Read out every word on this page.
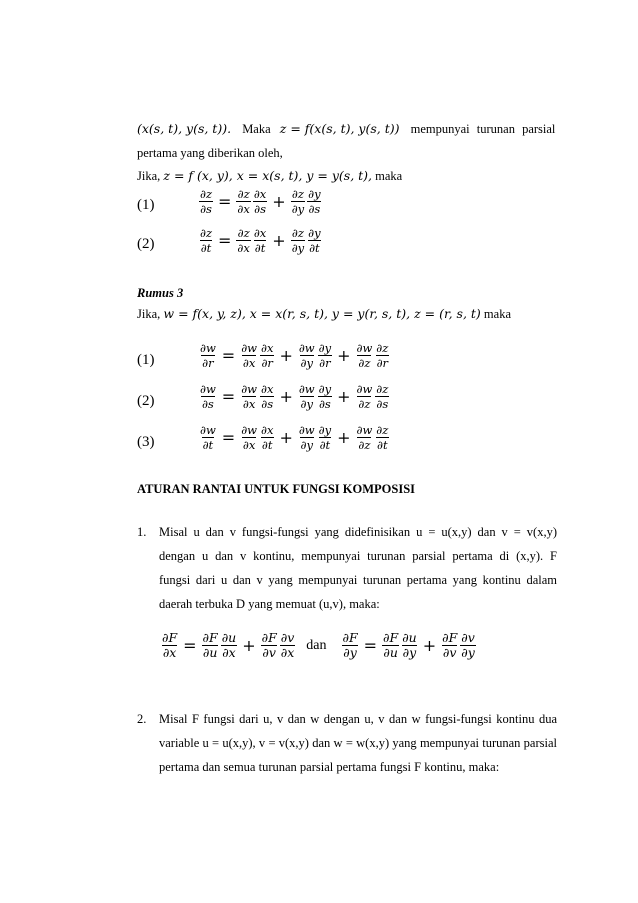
(x(s, t), y(s, t)). Maka z = f(x(s, t), y(s, t)) mempunyai turunan parsial
pertama yang diberikan oleh,
Jika, z = f (x, y), x = x(s, t), y = y(s, t), maka
(1)	$\frac{\partial z}{\partial s} = \frac{\partial z}{\partial x} \partial x$
$\partial s + \frac{\partial z}{\partial y} \partial y$
∂s
(2)	$\frac{\partial z}{\partial t} = \frac{\partial z}{\partial x} \partial x$
$\partial t + \frac{\partial z}{\partial y} \partial y$
∂t
Rumus 3
Jika, w = f(x, y, z), x = x(r, s, t), y = y(r, s, t), z = (r, s, t) maka
(1)	$\frac{\partial w}{\partial r} = \frac{\partial w}{\partial x} \partial x$
$\partial r + \frac{\partial w}{\partial y} \partial y$
$\partial r + \frac{\partial w}{\partial z} \partial z$
∂r
(2)	$\frac{\partial w}{\partial s} = \frac{\partial w}{\partial x} \partial x$
$\partial s + \frac{\partial w}{\partial y} \partial y$
$\partial s + \frac{\partial w}{\partial z} \partial z$
∂s
(3)	$\frac{\partial w}{\partial t} = \frac{\partial w}{\partial x} \partial x$
$\partial t + \frac{\partial w}{\partial y} \partial y$
$\partial t + \frac{\partial w}{\partial z} \partial z$
∂t
ATURAN RANTAI UNTUK FUNGSI KOMPOSISI
1. Misal u dan v fungsi-fungsi yang didefinisikan u = u(x,y) dan v = v(x,y)
dengan u dan v kontinu, mempunyai turunan parsial pertama di (x,y). F
fungsi dari u dan v yang mempunyai turunan pertama yang kontinu dalam
daerah terbuka D yang memuat (u,v), maka:
$\frac{\partial F}{\partial x} = \frac{\partial F}{\partial u} \partial u$
$\partial x + \frac{\partial F}{\partial v} \partial v$
∂x dan $\frac{\partial F}{\partial y} = \frac{\partial F}{\partial u} \partial u$
$\partial y + \frac{\partial F}{\partial v} \partial v$
∂y
2. Misal F fungsi dari u, v dan w dengan u, v dan w fungsi-fungsi kontinu dua
variable u = u(x,y), v = v(x,y) dan w = w(x,y) yang mempunyai turunan parsial
pertama dan semua turunan parsial pertama fungsi F kontinu, maka:
